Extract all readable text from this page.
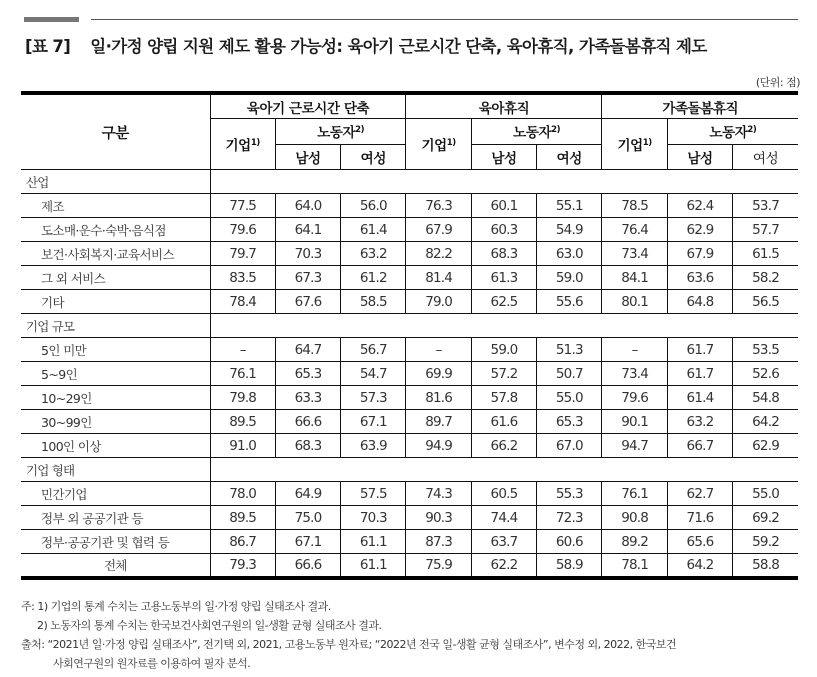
[표 7] 일·가정 양립 지원 제도 활용 가능성: 육아기 근로시간 단축, 육아휴직, 가족돌봄휴직 제도
(단위: 점)
구분	육아기 근로시간 단축			육아휴직			가족돌봄휴직		
	기업$^{1)}$	노동자$^{2)}$		기업$^{1)}$	노동자$^{2)}$		기업$^{1)}$	노동자$^{2)}$
		남성	여성		남성	여성		남성	여성
산업									
제조	77.5	64.0	56.0	76.3	60.1	55.1	78.5	62.4	53.7
도소매·운수·숙박·음식점	79.6	64.1	61.4	67.9	60.3	54.9	76.4	62.9	57.7
보건·사회복지·교육서비스	79.7	70.3	63.2	82.2	68.3	63.0	73.4	67.9	61.5
그 외 서비스	83.5	67.3	61.2	81.4	61.3	59.0	84.1	63.6	58.2
기타	78.4	67.6	58.5	79.0	62.5	55.6	80.1	64.8	56.5
기업 규모									
5인 미만	–	64.7	56.7	–	59.0	51.3	–	61.7	53.5
5~9인	76.1	65.3	54.7	69.9	57.2	50.7	73.4	61.7	52.6
10~29인	79.8	63.3	57.3	81.6	57.8	55.0	79.6	61.4	54.8
30~99인	89.5	66.6	67.1	89.7	61.6	65.3	90.1	63.2	64.2
100인 이상	91.0	68.3	63.9	94.9	66.2	67.0	94.7	66.7	62.9
기업 형태									
민간기업	78.0	64.9	57.5	74.3	60.5	55.3	76.1	62.7	55.0
정부 외 공공기관 등	89.5	75.0	70.3	90.3	74.4	72.3	90.8	71.6	69.2
정부·공공기관 및 협력 등	86.7	67.1	61.1	87.3	63.7	60.6	89.2	65.6	59.2
전체	79.3	66.6	61.1	75.9	62.2	58.9	78.1	64.2	58.8
주: 1) 기업의 통계 수치는 고용노동부의 일·가정 양립 실태조사 결과.
2) 노동자의 통계 수치는 한국보건사회연구원의 일-생활 균형 실태조사 결과.
출처: “2021년 일·가정 양립 실태조사”, 전기택 외, 2021, 고용노동부 원자료; “2022년 전국 일-생활 균형 실태조사”, 변수정 외, 2022, 한국보건
사회연구원의 원자료를 이용하여 필자 분석.
